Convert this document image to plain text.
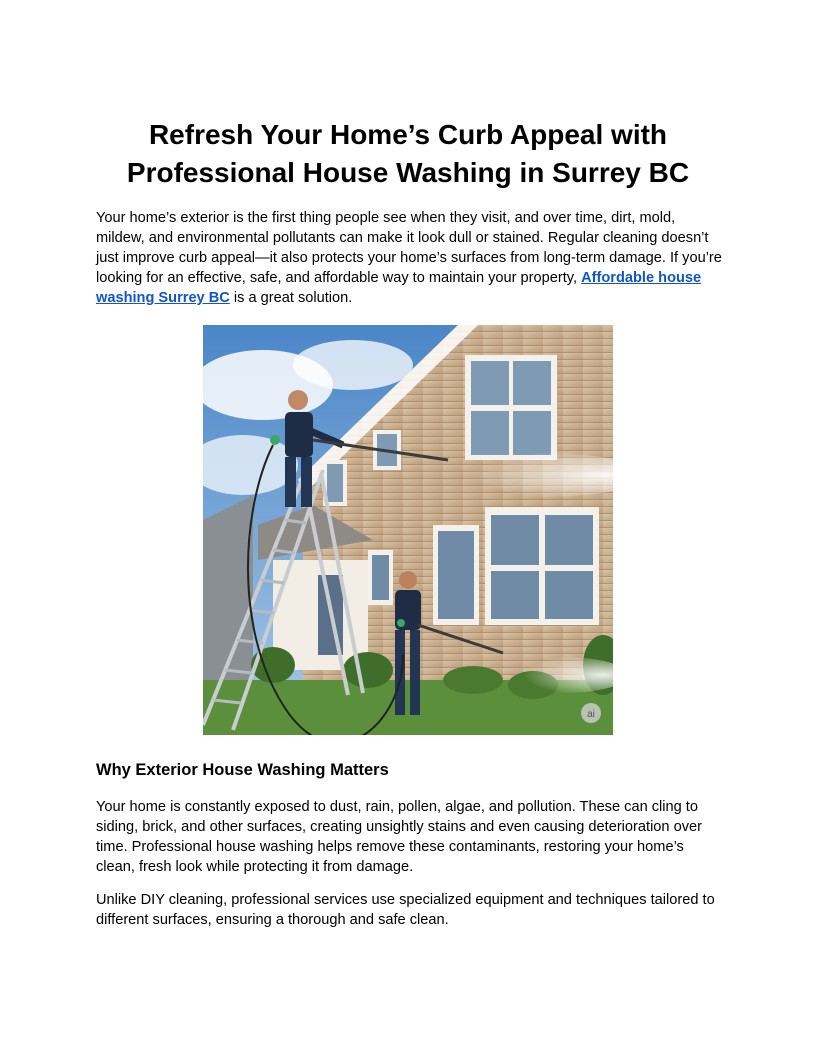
Refresh Your Home’s Curb Appeal with
Professional House Washing in Surrey BC

Your home’s exterior is the first thing people see when they visit, and over time, dirt, mold, mildew, and environmental pollutants can make it look dull or stained. Regular cleaning doesn’t just improve curb appeal—it also protects your home’s surfaces from long-term damage. If you’re looking for an effective, safe, and affordable way to maintain your property, Affordable house washing Surrey BC is a great solution.

ai
Why Exterior House Washing Matters

Your home is constantly exposed to dust, rain, pollen, algae, and pollution. These can cling to siding, brick, and other surfaces, creating unsightly stains and even causing deterioration over time. Professional house washing helps remove these contaminants, restoring your home’s clean, fresh look while protecting it from damage.

Unlike DIY cleaning, professional services use specialized equipment and techniques tailored to different surfaces, ensuring a thorough and safe clean.
